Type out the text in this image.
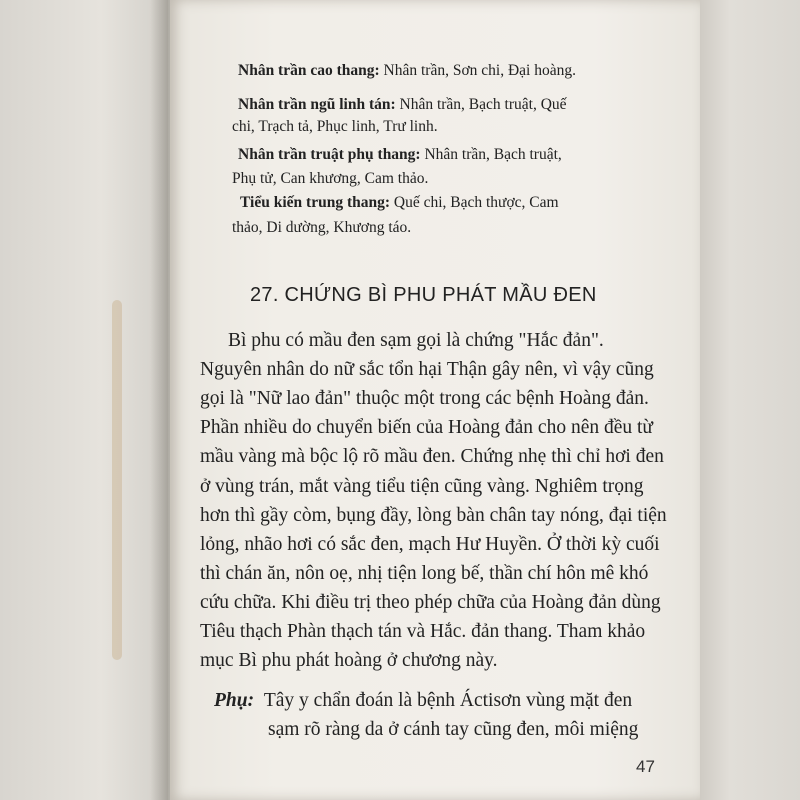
Nhân trần cao thang: Nhân trần, Sơn chi, Đại hoàng.
Nhân trần ngũ linh tán: Nhân trần, Bạch truật, Quế
chi, Trạch tả, Phục linh, Trư linh.
Nhân trần truật phụ thang: Nhân trần, Bạch truật,
Phụ tử, Can khương, Cam thảo.
Tiểu kiến trung thang: Quế chi, Bạch thược, Cam
thảo, Di dường, Khương táo.
27. CHỨNG BÌ PHU PHÁT MẦU ĐEN
Bì phu có mầu đen sạm gọi là chứng "Hắc đản".
Nguyên nhân do nữ sắc tổn hại Thận gây nên, vì vậy cũng
gọi là "Nữ lao đản" thuộc một trong các bệnh Hoàng đản.
Phần nhiều do chuyển biến của Hoàng đản cho nên đều từ
mầu vàng mà bộc lộ rõ mầu đen. Chứng nhẹ thì chỉ hơi đen
ở vùng trán, mắt vàng tiểu tiện cũng vàng. Nghiêm trọng
hơn thì gầy còm, bụng đầy, lòng bàn chân tay nóng, đại tiện
lỏng, nhão hơi có sắc đen, mạch Hư Huyền. Ở thời kỳ cuối
thì chán ăn, nôn oẹ, nhị tiện long bế, thần chí hôn mê khó
cứu chữa. Khi điều trị theo phép chữa của Hoàng đản dùng
Tiêu thạch Phàn thạch tán và Hắc. đản thang. Tham khảo
mục Bì phu phát hoàng ở chương này.
Phụ: Tây y chẩn đoán là bệnh Áctisơn vùng mặt đen
sạm rõ ràng da ở cánh tay cũng đen, môi miệng
47
